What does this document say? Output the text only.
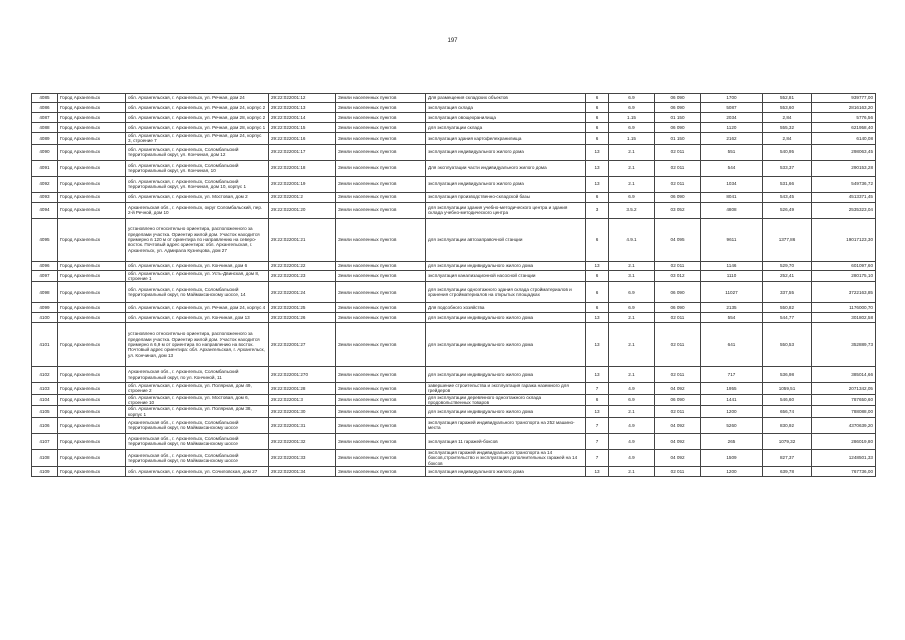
197
4085	Город Архангельск	обл. Архангельская, г. Архангельск, ул. Речная, дом 24	29:22:022001:12	Земли населенных пунктов	Для размещения складских объектов	6	6.9	06 090	1700	552,81	939777,00
4086	Город Архангельск	обл. Архангельская, г. Архангельск, ул. Речная, дом 24, корпус 2	29:22:022001:13	Земли населенных пунктов	эксплуатация склада	6	6.9	06 090	5087	553,60	2816163,20
4087	Город Архангельск	обл. Архангельская, г. Архангельск, ул. Речная, дом 28, корпус 2	29:22:022001:14	Земли населенных пунктов	эксплуатация овощехранилища	6	1.15	01 150	2034	2,84	5776,56
4088	Город Архангельск	обл. Архангельская, г. Архангельск, ул. Речная, дом 28, корпус 1	29:22:022001:15	Земли населенных пунктов	для эксплуатации склада	6	6.9	06 090	1120	555,32	621958,40
4089	Город Архангельск	обл. Архангельская, г. Архангельск, ул. Речная, дом 24, корпус 3, строение 7	29:22:022001:16	Земли населенных пунктов	эксплуатация здания картофелехранилища	6	1.15	01 150	2162	2,84	6140,08
4090	Город Архангельск	обл. Архангельская, г. Архангельск, Соломбальский территориальный округ, ул. Кончиная, дом 12	29:22:022001:17	Земли населенных пунктов	эксплуатация индивидуального жилого дома	13	2.1	02 011	551	540,95	298063,45
4091	Город Архангельск	обл. Архангельская, г. Архангельск, Соломбальский территориальный округ, ул. Кончиная, 10	29:22:022001:18	Земли населенных пунктов	Для эксплуатации части индивидуального жилого дома	13	2.1	02 011	544	533,37	290153,28
4092	Город Архангельск	обл. Архангельская, г. Архангельск, Соломбальский территориальный округ, ул. Кончиная, дом 10, корпус 1	29:22:022001:19	Земли населенных пунктов	эксплуатация индивидуального жилого дома	13	2.1	02 011	1034	531,66	549736,72
4093	Город Архангельск	обл. Архангельская, г. Архангельск, ул. Мостовая, дом 2	29:22:022001:2	Земли населенных пунктов	эксплуатация производственно-складской базы	6	6.9	06 090	8041	543,45	4513371,45
4094	Город Архангельск	Архангельская обл., г. Архангельск, округ Соломбальский, пер. 2-й Речной, дом 10	29:22:022001:20	Земли населенных пунктов	для эксплуатации здания учебно-методического центра и здания склада учебно-методического центра	3	3.5.2	03 052	4808	526,49	2535323,04
4095	Город Архангельск	установлено относительно ориентира, расположенного за пределами участка. Ориентир жилой дом. Участок находится примерно в 120 м от ориентира по направлению на северо-восток. Почтовый адрес ориентира: обл. Архангельская, г. Архангельск, ул. Адмирала Кузнецова, дом 27	29:22:022001:21	Земли населенных пунктов	для эксплуатации автозаправочной станции	6	4.9.1	04 095	9611	1377,86	19017123,30
4096	Город Архангельск	обл. Архангельская, г. Архангельск, ул. Кончиная, дом 6	29:22:022001:22	Земли населенных пунктов	для эксплуатации индивидуального жилого дома	13	2.1	02 011	1146	529,70	601097,60
4097	Город Архангельск	обл. Архангельская, г. Архангельск, ул. Усть-Двинская, дом 8, строение 1	29:22:022001:23	Земли населенных пунктов	эксплуатация канализационной насосной станции	6	3.1	03 012	1110	252,41	280175,10
4098	Город Архангельск	обл. Архангельская, г. Архангельск, Соломбальский территориальный округ, по Маймаксанскому шоссе, 14	29:22:022001:24	Земли населенных пунктов	для эксплуатации одноэтажного здания склада стройматериалов и хранения стройматериалов на открытых площадках	6	6.9	06 090	11027	337,55	3722163,85
4099	Город Архангельск	обл. Архангельская, г. Архангельск, ул. Речная, дом 24, корпус 4	29:22:022001:25	Земли населенных пунктов	Для подсобного хозяйства	6	6.9	06 090	2135	550,82	1176000,70
4100	Город Архангельск	обл. Архангельская, г. Архангельск, ул. Кончиная, дом 13	29:22:022001:26	Земли населенных пунктов	для эксплуатации индивидуального жилого дома	13	2.1	02 011	554	544,77	301802,58
4101	Город Архангельск	установлено относительно ориентира, расположенного за пределами участка. Ориентир жилой дом. Участок находится примерно в 6,9 м от ориентира по направлению на восток. Почтовый адрес ориентира: обл. Архангельская, г. Архангельск, ул. Кончиная, дом 13	29:22:022001:27	Земли населенных пунктов	для эксплуатации индивидуального жилого дома	13	2.1	02 011	641	550,53	352889,73
4102	Город Архангельск	Архангельская обл., г. Архангельск, Соломбальский территориальный округ, по ул. Кончиной, 11	29:22:022001:270	Земли населенных пунктов	для эксплуатации индивидуального жилого дома	13	2.1	02 011	717	536,98	385014,66
4103	Город Архангельск	обл. Архангельская, г. Архангельск, ул. Полярная, дом 49, строение 2	29:22:022001:28	Земли населенных пунктов	завершение строительства и эксплуатация гаража наземного для грейдеров	7	4.9	04 092	1955	1059,51	2071342,05
4104	Город Архангельск	обл. Архангельская, г. Архангельск, ул. Мостовая, дом 6, строение 10	29:22:022001:3	Земли населенных пунктов	для эксплуатации деревянного одноэтажного склада продовольственных товаров	6	6.9	06 090	1441	546,60	787650,60
4105	Город Архангельск	обл. Архангельская, г. Архангельск, ул. Полярная, дом 38, корпус 1	29:22:022001:30	Земли населенных пунктов	для эксплуатации индивидуального жилого дома	13	2.1	02 011	1200	656,74	788088,00
4106	Город Архангельск	Архангельская обл., г. Архангельск, Соломбальский территориальный округ, по Маймаксанскому шоссе	29:22:022001:31	Земли населенных пунктов	эксплуатация гаражей индивидуального транспорта на 252 машино-места	7	4.9	04 092	5260	830,92	4370639,20
4107	Город Архангельск	Архангельская обл., г. Архангельск, Соломбальский территориальный округ, по Маймаксанскому шоссе	29:22:022001:32	Земли населенных пунктов	эксплуатация 11 гаражей-боксов	7	4.9	04 092	265	1079,32	286019,80
4108	Город Архангельск	Архангельская обл., г. Архангельск, Соломбальский территориальный округ, по Маймаксанскому шоссе	29:22:022001:33	Земли населенных пунктов	эксплуатация гаражей индивидуального транспорта на 14 боксов,строительство и эксплуатация дополнительных гаражей на 14 боксов	7	4.9	04 092	1509	827,37	1248501,33
4109	Город Архангельск	обл. Архангельская, г. Архангельск, ул. Сочиловская, дом 27	29:22:022001:34	Земли населенных пунктов	эксплуатация индивидуального жилого дома	13	2.1	02 011	1200	639,78	767736,00
